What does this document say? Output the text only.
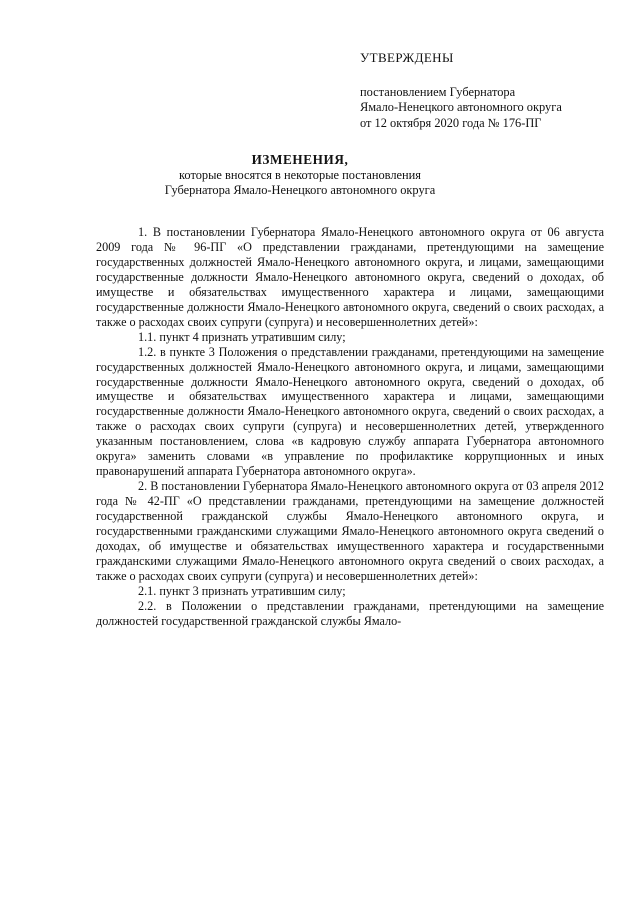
УТВЕРЖДЕНЫ
постановлением Губернатора
Ямало-Ненецкого автономного округа
от 12 октября 2020 года № 176-ПГ
ИЗМЕНЕНИЯ,
которые вносятся в некоторые постановления
Губернатора Ямало-Ненецкого автономного округа

1. В постановлении Губернатора Ямало-Ненецкого автономного округа от 06 августа 2009 года № 96-ПГ «О представлении гражданами, претендующими на замещение государственных должностей Ямало-Ненецкого автономного округа, и лицами, замещающими государственные должности Ямало-Ненецкого автономного округа, сведений о доходах, об имуществе и обязательствах имущественного характера и лицами, замещающими государственные должности Ямало-Ненецкого автономного округа, сведений о своих расходах, а также о расходах своих супруги (супруга) и несовершеннолетних детей»:

1.1. пункт 4 признать утратившим силу;

1.2. в пункте 3 Положения о представлении гражданами, претендующими на замещение государственных должностей Ямало-Ненецкого автономного округа, и лицами, замещающими государственные должности Ямало-Ненецкого автономного округа, сведений о доходах, об имуществе и обязательствах имущественного характера и лицами, замещающими государственные должности Ямало-Ненецкого автономного округа, сведений о своих расходах, а также о расходах своих супруги (супруга) и несовершеннолетних детей, утвержденного указанным постановлением, слова «в кадровую службу аппарата Губернатора автономного округа» заменить словами «в управление по профилактике коррупционных и иных правонарушений аппарата Губернатора автономного округа».

2. В постановлении Губернатора Ямало-Ненецкого автономного округа от 03 апреля 2012 года № 42-ПГ «О представлении гражданами, претендующими на замещение должностей государственной гражданской службы Ямало-Ненецкого автономного округа, и государственными гражданскими служащими Ямало-Ненецкого автономного округа сведений о доходах, об имуществе и обязательствах имущественного характера и государственными гражданскими служащими Ямало-Ненецкого автономного округа сведений о своих расходах, а также о расходах своих супруги (супруга) и несовершеннолетних детей»:

2.1. пункт 3 признать утратившим силу;

2.2. в Положении о представлении гражданами, претендующими на замещение должностей государственной гражданской службы Ямало-
